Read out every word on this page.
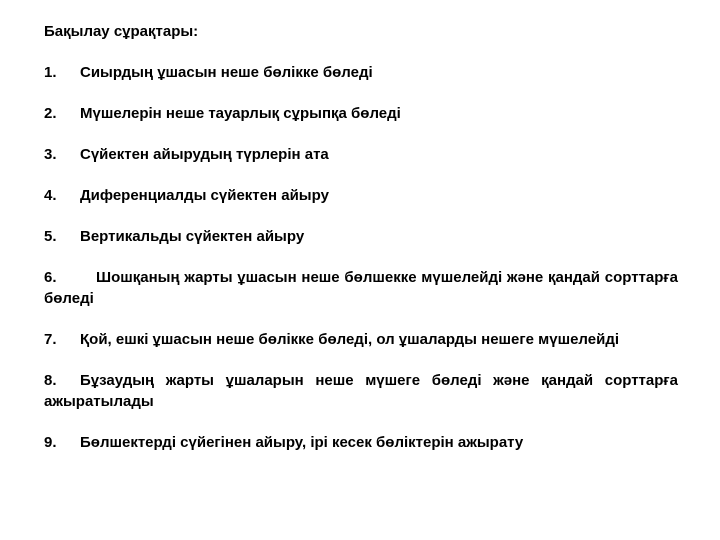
Бақылау сұрақтары:
1. Сиырдың ұшасын неше бөлікке бөледі
2. Мүшелерін неше тауарлық сұрыпқа бөледі
3. Сүйектен айырудың түрлерін ата
4. Диференциалды сүйектен айыру
5. Вертикальды сүйектен айыру
6.	Шошқаның жарты ұшасын неше бөлшекке мүшелейді және қандай сорттарға бөледі
7. Қой, ешкі ұшасын неше бөлікке бөледі, ол ұшаларды нешеге мүшелейді
8. Бұзаудың жарты ұшаларын неше мүшеге бөледі және қандай сорттарға ажыратылады
9. Бөлшектерді сүйегінен айыру, ірі кесек бөліктерін ажырату
